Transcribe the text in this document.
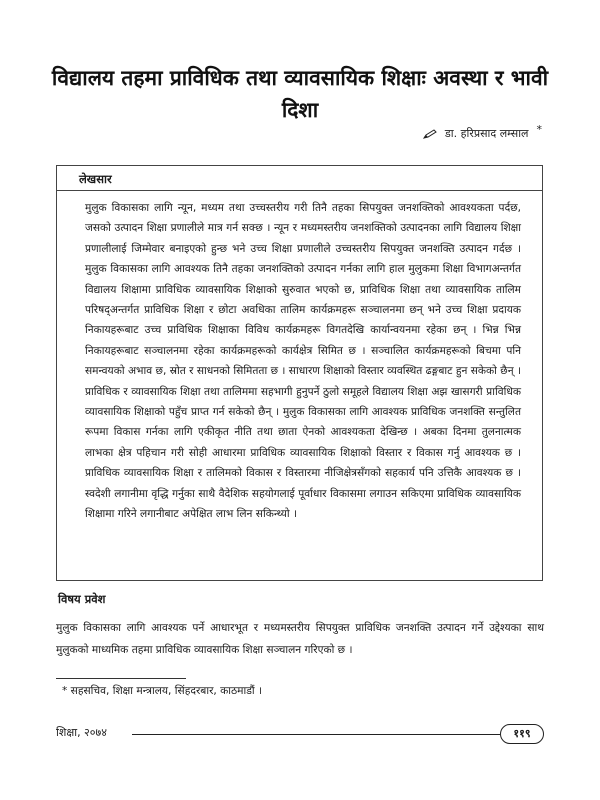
विद्यालय तहमा प्राविधिक तथा व्यावसायिक शिक्षाः अवस्था र भावी दिशा
डा. हरिप्रसाद लम्साल *
लेखसार
मुलुक विकासका लागि न्यून, मध्यम तथा उच्चस्तरीय गरी तिनै तहका सिपयुक्त जनशक्तिको आवश्यकता पर्दछ, जसको उत्पादन शिक्षा प्रणालीले मात्र गर्न सक्छ । न्यून र मध्यमस्तरीय जनशक्तिको उत्पादनका लागि विद्यालय शिक्षा प्रणालीलाई जिम्मेवार बनाइएको हुन्छ भने उच्च शिक्षा प्रणालीले उच्चस्तरीय सिपयुक्त जनशक्ति उत्पादन गर्दछ । मुलुक विकासका लागि आवश्यक तिनै तहका जनशक्तिको उत्पादन गर्नका लागि हाल मुलुकमा शिक्षा विभागअन्तर्गत विद्यालय शिक्षामा प्राविधिक व्यावसायिक शिक्षाको सुरुवात भएको छ, प्राविधिक शिक्षा तथा व्यावसायिक तालिम परिषद्अन्तर्गत प्राविधिक शिक्षा र छोटा अवधिका तालिम कार्यक्रमहरू सञ्चालनमा छन् भने उच्च शिक्षा प्रदायक निकायहरूबाट उच्च प्राविधिक शिक्षाका विविध कार्यक्रमहरू विगतदेखि कार्यान्वयनमा रहेका छन् । भिन्न भिन्न निकायहरूबाट सञ्चालनमा रहेका कार्यक्रमहरूको कार्यक्षेत्र सिमित छ । सञ्चालित कार्यक्रमहरूको बिचमा पनि समन्वयको अभाव छ, स्रोत र साधनको सिमितता छ । साधारण शिक्षाको विस्तार व्यवस्थित ढङ्गबाट हुन सकेको छैन् । प्राविधिक र व्यावसायिक शिक्षा तथा तालिममा सहभागी हुनुपर्ने ठुलो समूहले विद्यालय शिक्षा अझ खासगरी प्राविधिक व्यावसायिक शिक्षाको पहुँच प्राप्त गर्न सकेको छैन् । मुलुक विकासका लागि आवश्यक प्राविधिक जनशक्ति सन्तुलित रूपमा विकास गर्नका लागि एकीकृत नीति तथा छाता ऐनको आवश्यकता देखिन्छ । अबका दिनमा तुलनात्मक लाभका क्षेत्र पहिचान गरी सोही आधारमा प्राविधिक व्यावसायिक शिक्षाको विस्तार र विकास गर्नु आवश्यक छ । प्राविधिक व्यावसायिक शिक्षा र तालिमको विकास र विस्तारमा नीजिक्षेत्रसँगको सहकार्य पनि उत्तिकै आवश्यक छ । स्वदेशी लगानीमा वृद्धि गर्नुका साथै वैदेशिक सहयोगलाई पूर्वाधार विकासमा लगाउन सकिएमा प्राविधिक व्यावसायिक शिक्षामा गरिने लगानीबाट अपेक्षित लाभ लिन सकिन्थ्यो ।
विषय प्रवेश
मुलुक विकासका लागि आवश्यक पर्ने आधारभूत र मध्यमस्तरीय सिपयुक्त प्राविधिक जनशक्ति उत्पादन गर्ने उद्देश्यका साथ मुलुकको माध्यमिक तहमा प्राविधिक व्यावसायिक शिक्षा सञ्चालन गरिएको छ ।
* सहसचिव, शिक्षा मन्त्रालय, सिंहदरबार, काठमाडौं ।
शिक्षा, २०७४	११९
